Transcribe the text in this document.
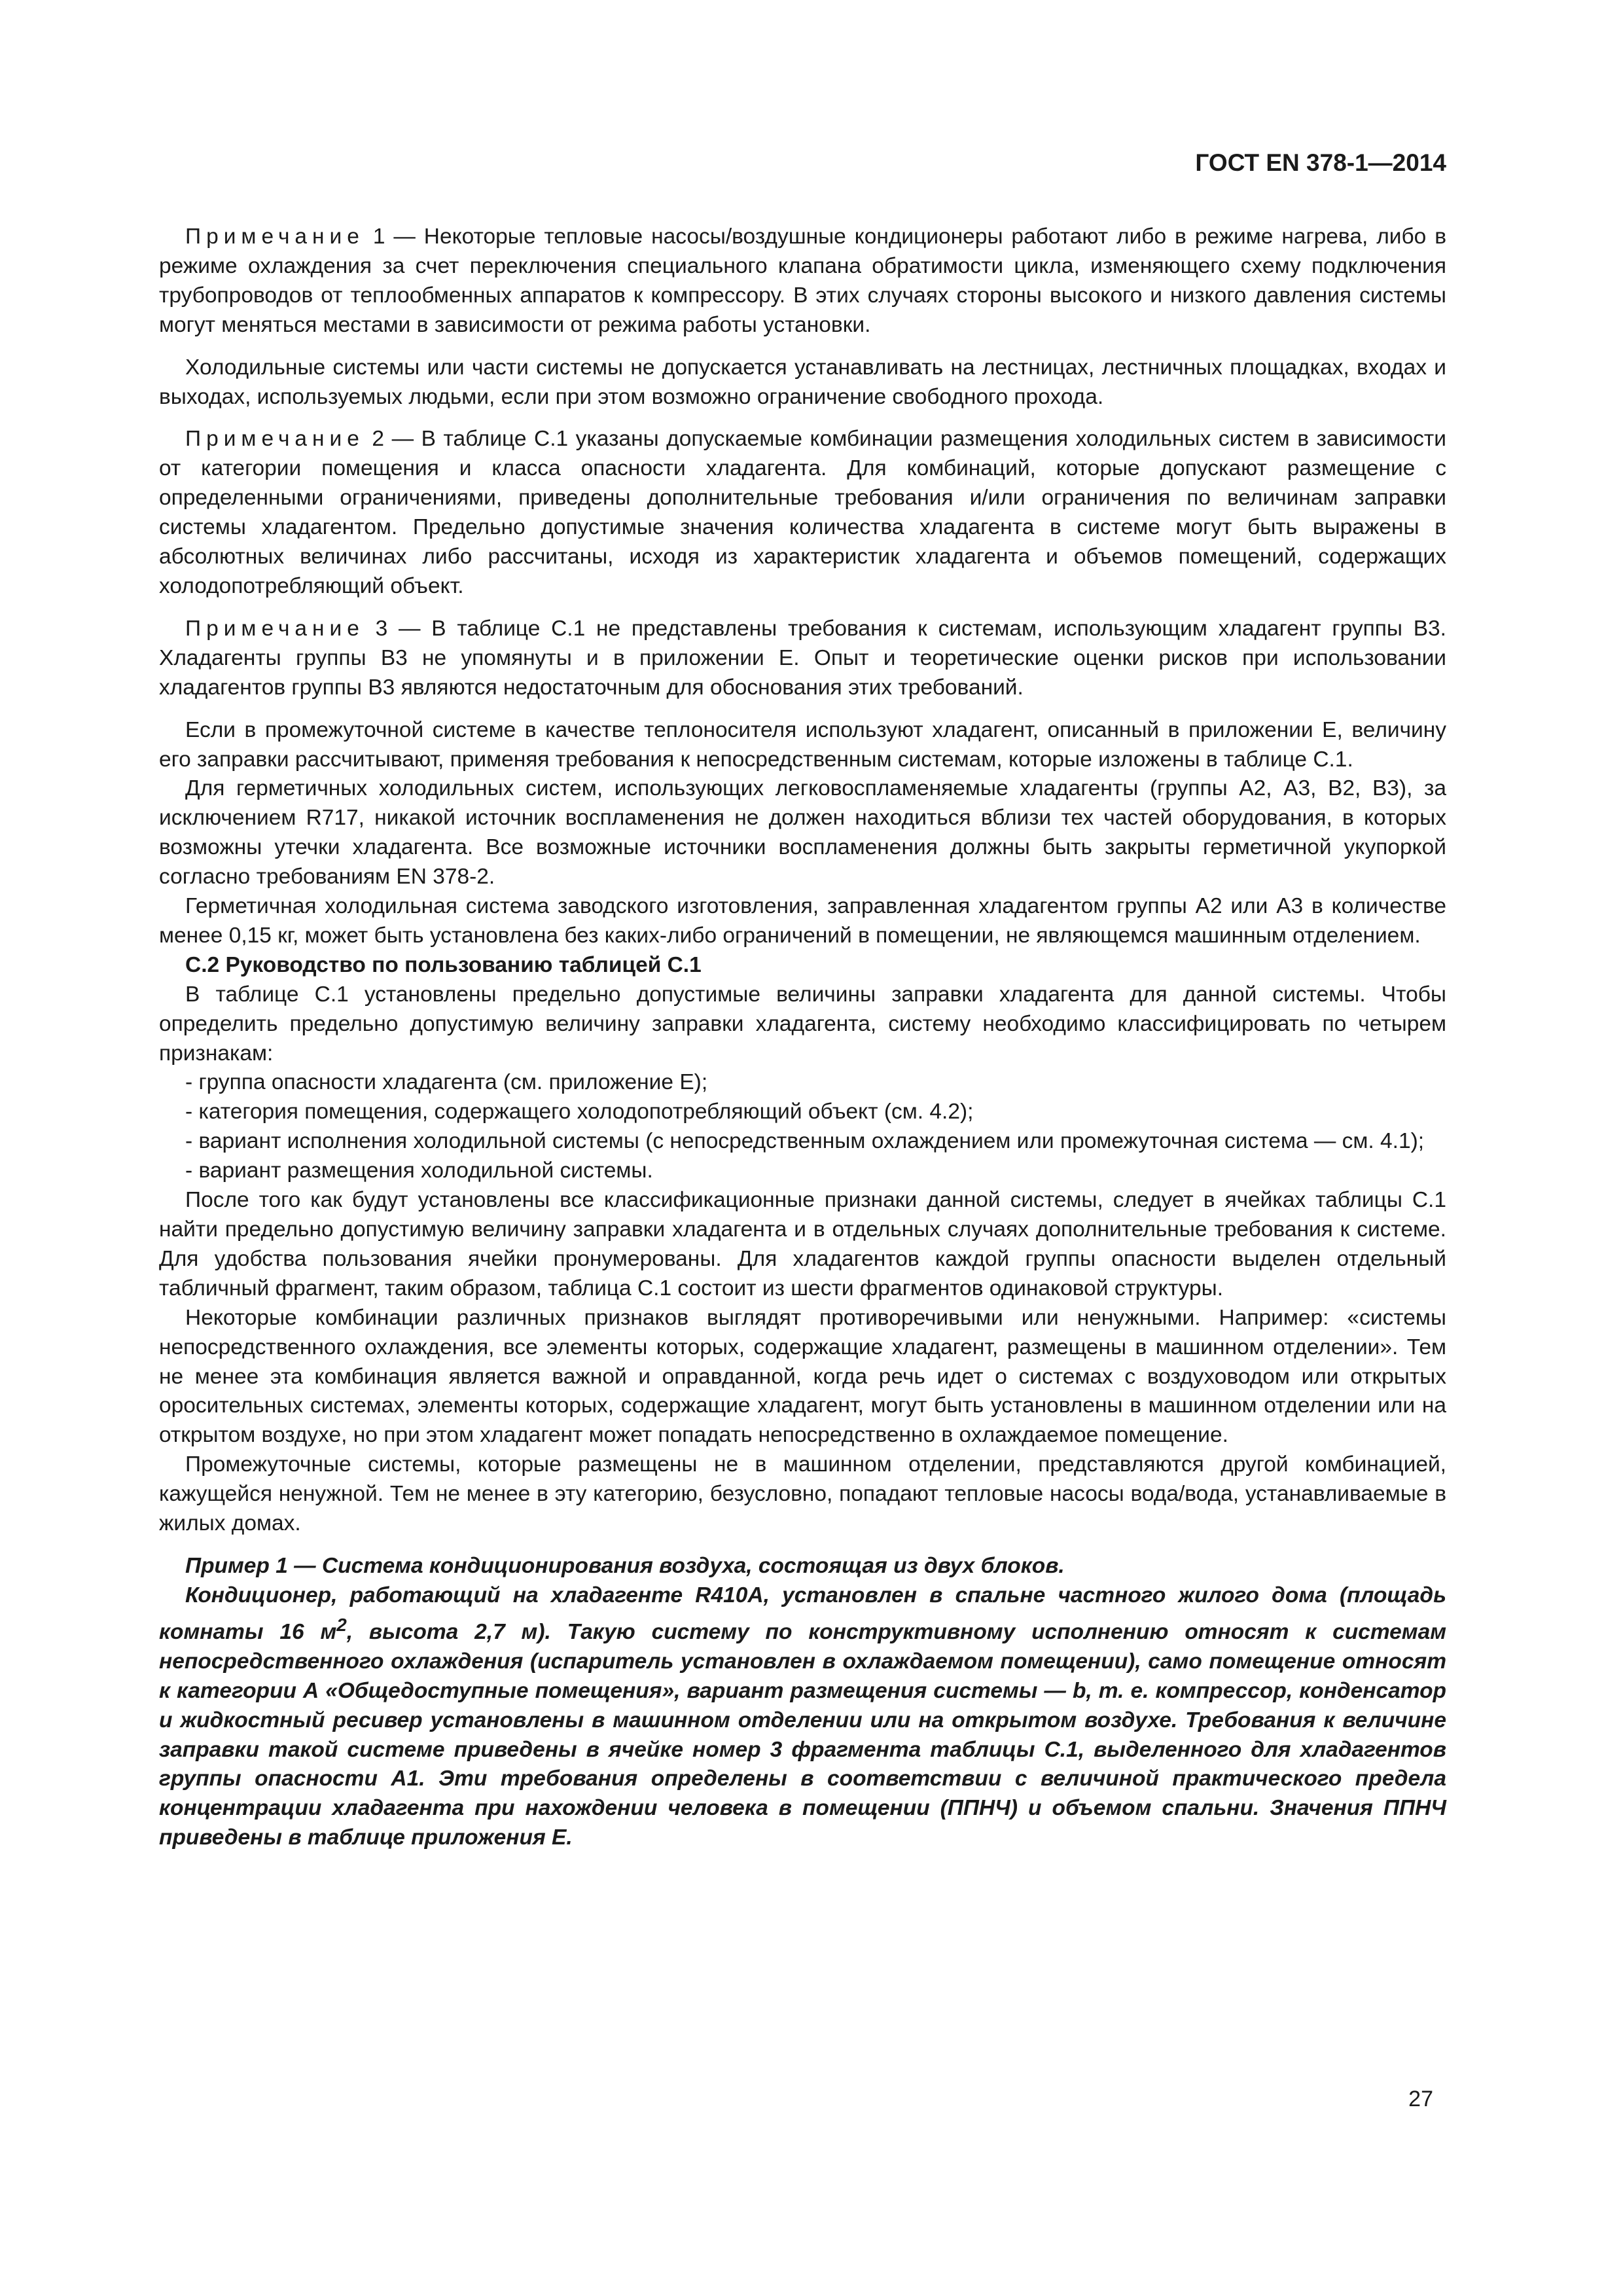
ГОСТ EN 378-1—2014

Примечание 1 — Некоторые тепловые насосы/воздушные кондиционеры работают либо в режиме нагрева, либо в режиме охлаждения за счет переключения специального клапана обратимости цикла, изменяющего схему подключения трубопроводов от теплообменных аппаратов к компрессору. В этих случаях стороны высокого и низкого давления системы могут меняться местами в зависимости от режима работы установки.

Холодильные системы или части системы не допускается устанавливать на лестницах, лестничных площадках, входах и выходах, используемых людьми, если при этом возможно ограничение свободного прохода.

Примечание 2 — В таблице С.1 указаны допускаемые комбинации размещения холодильных систем в зависимости от категории помещения и класса опасности хладагента. Для комбинаций, которые допускают размещение с определенными ограничениями, приведены дополнительные требования и/или ограничения по величинам заправки системы хладагентом. Предельно допустимые значения количества хладагента в системе могут быть выражены в абсолютных величинах либо рассчитаны, исходя из характеристик хладагента и объемов помещений, содержащих холодопотребляющий объект.

Примечание 3 — В таблице С.1 не представлены требования к системам, использующим хладагент группы В3. Хладагенты группы В3 не упомянуты и в приложении Е. Опыт и теоретические оценки рисков при использовании хладагентов группы В3 являются недостаточным для обоснования этих требований.

Если в промежуточной системе в качестве теплоносителя используют хладагент, описанный в приложении Е, величину его заправки рассчитывают, применяя требования к непосредственным системам, которые изложены в таблице С.1.

Для герметичных холодильных систем, использующих легковоспламеняемые хладагенты (группы А2, А3, В2, В3), за исключением R717, никакой источник воспламенения не должен находиться вблизи тех частей оборудования, в которых возможны утечки хладагента. Все возможные источники воспламенения должны быть закрыты герметичной укупоркой согласно требованиям EN 378-2.

Герметичная холодильная система заводского изготовления, заправленная хладагентом группы А2 или А3 в количестве менее 0,15 кг, может быть установлена без каких-либо ограничений в помещении, не являющемся машинным отделением.

С.2 Руководство по пользованию таблицей С.1

В таблице С.1 установлены предельно допустимые величины заправки хладагента для данной системы. Чтобы определить предельно допустимую величину заправки хладагента, систему необходимо классифицировать по четырем признакам:

- группа опасности хладагента (см. приложение Е);

- категория помещения, содержащего холодопотребляющий объект (см. 4.2);

- вариант исполнения холодильной системы (с непосредственным охлаждением или промежуточная система — см. 4.1);

- вариант размещения холодильной системы.

После того как будут установлены все классификационные признаки данной системы, следует в ячейках таблицы С.1 найти предельно допустимую величину заправки хладагента и в отдельных случаях дополнительные требования к системе. Для удобства пользования ячейки пронумерованы. Для хладагентов каждой группы опасности выделен отдельный табличный фрагмент, таким образом, таблица С.1 состоит из шести фрагментов одинаковой структуры.

Некоторые комбинации различных признаков выглядят противоречивыми или ненужными. Например: «системы непосредственного охлаждения, все элементы которых, содержащие хладагент, размещены в машинном отделении». Тем не менее эта комбинация является важной и оправданной, когда речь идет о системах с воздуховодом или открытых оросительных системах, элементы которых, содержащие хладагент, могут быть установлены в машинном отделении или на открытом воздухе, но при этом хладагент может попадать непосредственно в охлаждаемое помещение.

Промежуточные системы, которые размещены не в машинном отделении, представляются другой комбинацией, кажущейся ненужной. Тем не менее в эту категорию, безусловно, попадают тепловые насосы вода/вода, устанавливаемые в жилых домах.

Пример 1 — Система кондиционирования воздуха, состоящая из двух блоков.

Кондиционер, работающий на хладагенте R410A, установлен в спальне частного жилого дома (площадь комнаты 16 $м^2$, высота 2,7 м). Такую систему по конструктивному исполнению относят к системам непосредственного охлаждения (испаритель установлен в охлаждаемом помещении), само помещение относят к категории А «Общедоступные помещения», вариант размещения системы — b, т. е. компрессор, конденсатор и жидкостный ресивер установлены в машинном отделении или на открытом воздухе. Требования к величине заправки такой системе приведены в ячейке номер 3 фрагмента таблицы С.1, выделенного для хладагентов группы опасности А1. Эти требования определены в соответствии с величиной практического предела концентрации хладагента при нахождении человека в помещении (ППНЧ) и объемом спальни. Значения ППНЧ приведены в таблице приложения Е.

27
